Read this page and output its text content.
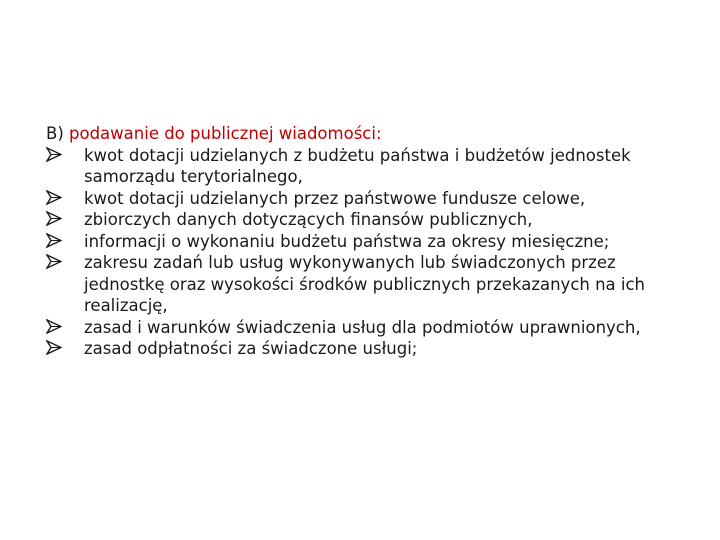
B) podawanie do publicznej wiadomości:
kwot dotacji udzielanych z budżetu państwa i budżetów jednostek samorządu terytorialnego,
kwot dotacji udzielanych przez państwowe fundusze celowe,
zbiorczych danych dotyczących finansów publicznych,
informacji o wykonaniu budżetu państwa za okresy miesięczne;
zakresu zadań lub usług wykonywanych lub świadczonych przez jednostkę oraz wysokości środków publicznych przekazanych na ich realizację,
zasad i warunków świadczenia usług dla podmiotów uprawnionych,
zasad odpłatności za świadczone usługi;
